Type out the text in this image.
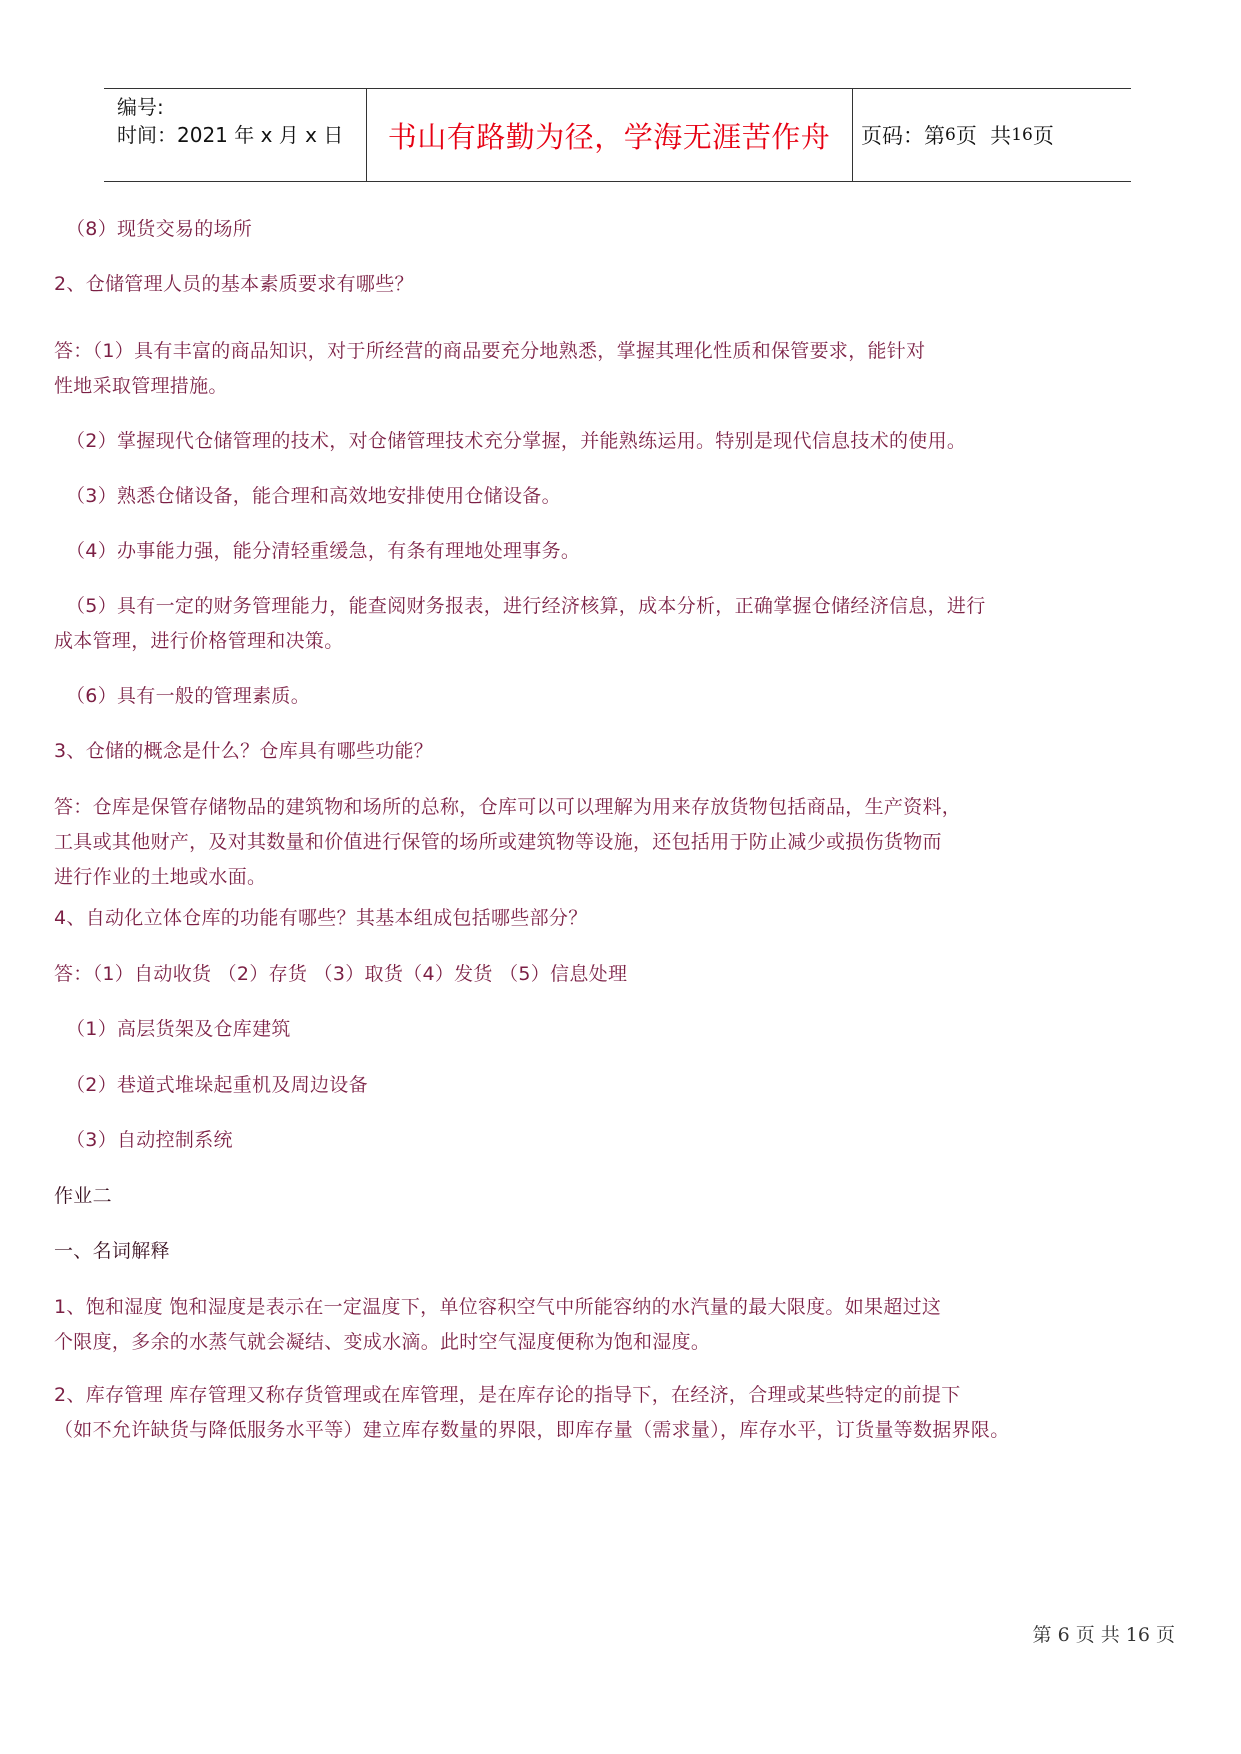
编号:
时间：2021 年 x 月 x 日	书山有路勤为径，学海无涯苦作舟	页码：第 6 页  共 16 页
（8）现货交易的场所
2、仓储管理人员的基本素质要求有哪些？
答：（1）具有丰富的商品知识，对于所经营的商品要充分地熟悉，掌握其理化性质和保管要求，能针对
性地采取管理措施。
（2）掌握现代仓储管理的技术，对仓储管理技术充分掌握，并能熟练运用。特别是现代信息技术的使用。
（3）熟悉仓储设备，能合理和高效地安排使用仓储设备。
（4）办事能力强，能分清轻重缓急，有条有理地处理事务。
（5）具有一定的财务管理能力，能查阅财务报表，进行经济核算，成本分析，正确掌握仓储经济信息，进行
成本管理，进行价格管理和决策。
（6）具有一般的管理素质。
3、仓储的概念是什么？仓库具有哪些功能？
答：仓库是保管存储物品的建筑物和场所的总称，仓库可以可以理解为用来存放货物包括商品，生产资料，
工具或其他财产，及对其数量和价值进行保管的场所或建筑物等设施，还包括用于防止减少或损伤货物而
进行作业的土地或水面。
4、自动化立体仓库的功能有哪些？其基本组成包括哪些部分？
答：（1）自动收货 （2）存货 （3）取货（4）发货 （5）信息处理
（1）高层货架及仓库建筑
（2）巷道式堆垛起重机及周边设备
（3）自动控制系统
作业二
一、名词解释
1、饱和湿度 饱和湿度是表示在一定温度下，单位容积空气中所能容纳的水汽量的最大限度。如果超过这
个限度，多余的水蒸气就会凝结、变成水滴。此时空气湿度便称为饱和湿度。
2、库存管理 库存管理又称存货管理或在库管理，是在库存论的指导下，在经济，合理或某些特定的前提下
（如不允许缺货与降低服务水平等）建立库存数量的界限，即库存量（需求量），库存水平，订货量等数据界限。
第 6 页 共 16 页
